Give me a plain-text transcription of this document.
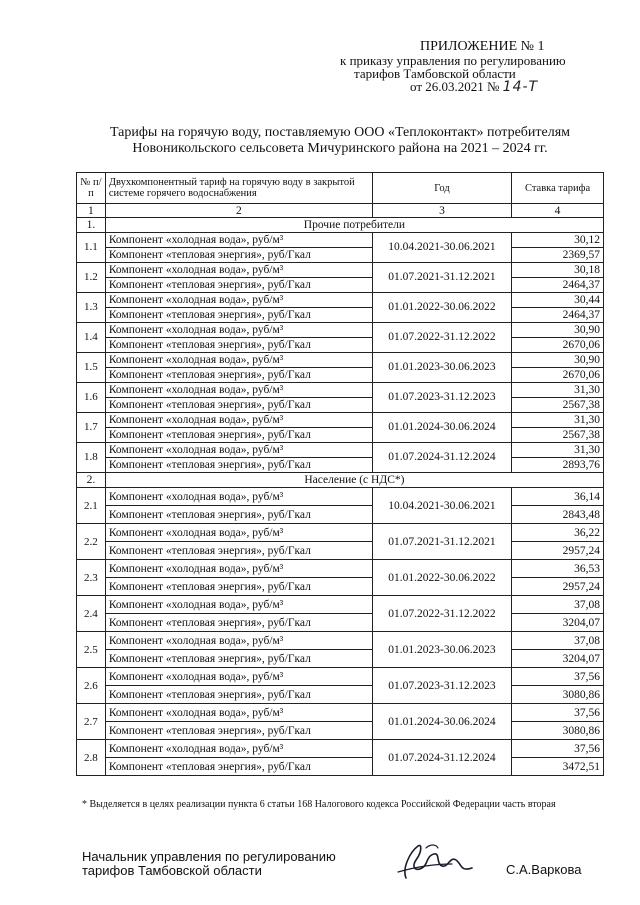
ПРИЛОЖЕНИЕ № 1
к приказу управления по регулированию
тарифов Тамбовской области
от 26.03.2021 № 14-Т
Тарифы на горячую воду, поставляемую ООО «Теплоконтакт» потребителям
Новоникольского сельсовета Мичуринского района на 2021 – 2024 гг.
№ п/п	Двухкомпонентный тариф на горячую воду в закрытой системе горячего водоснабжения	Год	Ставка тарифа
1	2	3	4
1.	Прочие потребители		
1.1	Компонент «холодная вода», руб/м³	10.04.2021-30.06.2021	30,12
	Компонент «тепловая энергия», руб/Гкал		2369,57
1.2	Компонент «холодная вода», руб/м³	01.07.2021-31.12.2021	30,18
	Компонент «тепловая энергия», руб/Гкал		2464,37
1.3	Компонент «холодная вода», руб/м³	01.01.2022-30.06.2022	30,44
	Компонент «тепловая энергия», руб/Гкал		2464,37
1.4	Компонент «холодная вода», руб/м³	01.07.2022-31.12.2022	30,90
	Компонент «тепловая энергия», руб/Гкал		2670,06
1.5	Компонент «холодная вода», руб/м³	01.01.2023-30.06.2023	30,90
	Компонент «тепловая энергия», руб/Гкал		2670,06
1.6	Компонент «холодная вода», руб/м³	01.07.2023-31.12.2023	31,30
	Компонент «тепловая энергия», руб/Гкал		2567,38
1.7	Компонент «холодная вода», руб/м³	01.01.2024-30.06.2024	31,30
	Компонент «тепловая энергия», руб/Гкал		2567,38
1.8	Компонент «холодная вода», руб/м³	01.07.2024-31.12.2024	31,30
	Компонент «тепловая энергия», руб/Гкал		2893,76
2.	Население (с НДС*)		
2.1	Компонент «холодная вода», руб/м³	10.04.2021-30.06.2021	36,14
	Компонент «тепловая энергия», руб/Гкал		2843,48
2.2	Компонент «холодная вода», руб/м³	01.07.2021-31.12.2021	36,22
	Компонент «тепловая энергия», руб/Гкал		2957,24
2.3	Компонент «холодная вода», руб/м³	01.01.2022-30.06.2022	36,53
	Компонент «тепловая энергия», руб/Гкал		2957,24
2.4	Компонент «холодная вода», руб/м³	01.07.2022-31.12.2022	37,08
	Компонент «тепловая энергия», руб/Гкал		3204,07
2.5	Компонент «холодная вода», руб/м³	01.01.2023-30.06.2023	37,08
	Компонент «тепловая энергия», руб/Гкал		3204,07
2.6	Компонент «холодная вода», руб/м³	01.07.2023-31.12.2023	37,56
	Компонент «тепловая энергия», руб/Гкал		3080,86
2.7	Компонент «холодная вода», руб/м³	01.01.2024-30.06.2024	37,56
	Компонент «тепловая энергия», руб/Гкал		3080,86
2.8	Компонент «холодная вода», руб/м³	01.07.2024-31.12.2024	37,56
	Компонент «тепловая энергия», руб/Гкал		3472,51
* Выделяется в целях реализации пункта 6 статьи 168 Налогового кодекса Российской Федерации часть вторая
Начальник управления по регулированию
тарифов Тамбовской области	С.А.Варкова
